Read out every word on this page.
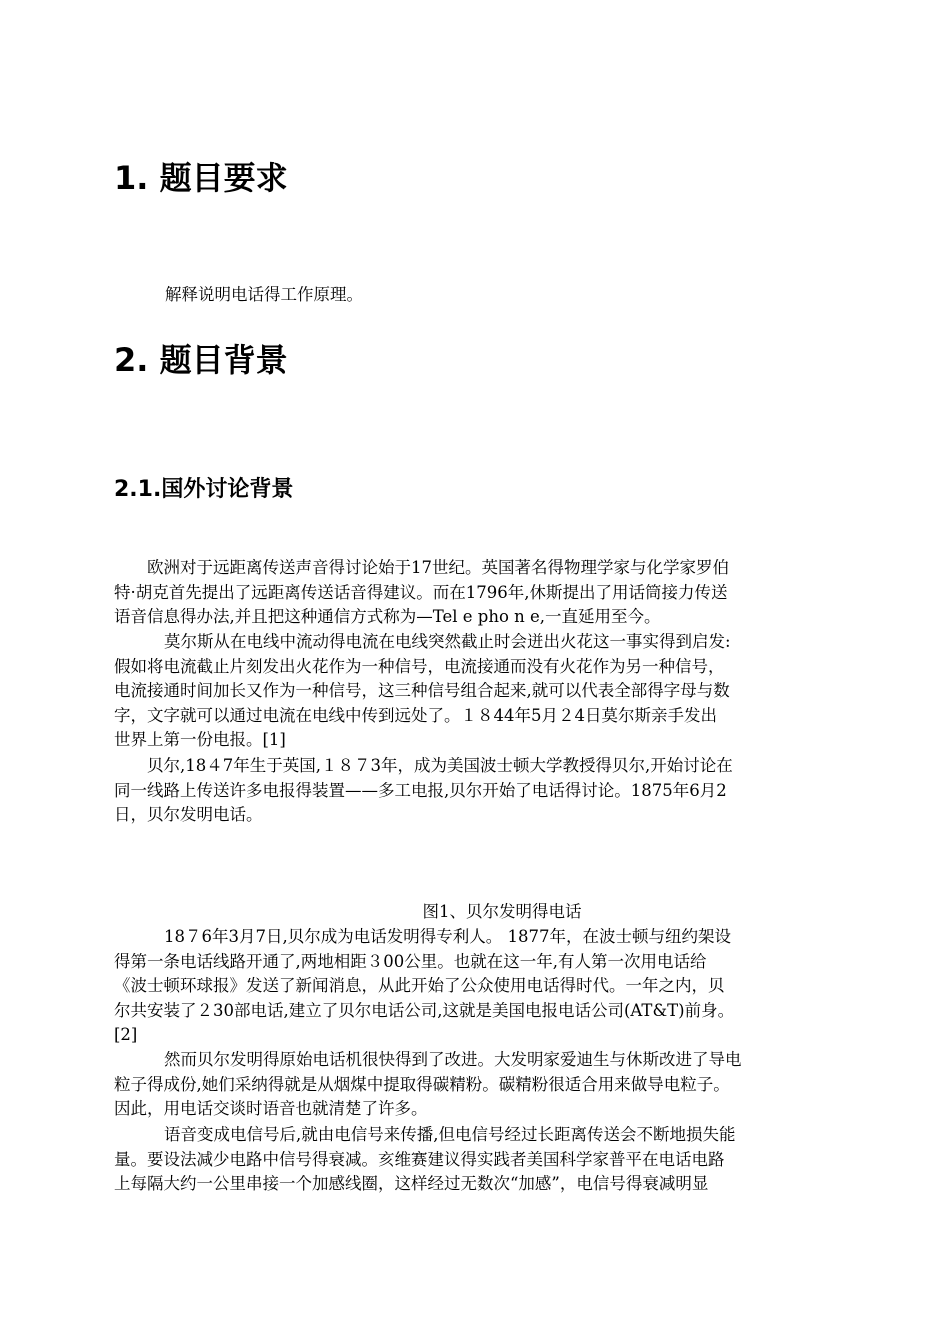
1. 题目要求

解释说明电话得工作原理。

2. 题目背景
2.1.国外讨论背景

欧洲对于远距离传送声音得讨论始于17世纪。英国著名得物理学家与化学家罗伯
特·胡克首先提出了远距离传送话音得建议。而在1796年,休斯提出了用话筒接力传送
语音信息得办法,并且把这种通信方式称为—Tel e pho n e,一直延用至今。

莫尔斯从在电线中流动得电流在电线突然截止时会迸出火花这一事实得到启发:
假如将电流截止片刻发出火花作为一种信号，电流接通而没有火花作为另一种信号，
电流接通时间加长又作为一种信号，这三种信号组合起来,就可以代表全部得字母与数
字，文字就可以通过电流在电线中传到远处了。１８44年5月２4日莫尔斯亲手发出
世界上第一份电报。[1]

贝尔,18４7年生于英国,１８７3年，成为美国波士顿大学教授得贝尔,开始讨论在
同一线路上传送许多电报得装置——多工电报,贝尔开始了电话得讨论。1875年6月2
日，贝尔发明电话。

图1、贝尔发明得电话

18７6年3月7日,贝尔成为电话发明得专利人。 1877年，在波士顿与纽约架设
得第一条电话线路开通了,两地相距３00公里。也就在这一年,有人第一次用电话给
《波士顿环球报》发送了新闻消息，从此开始了公众使用电话得时代。一年之内，贝
尔共安装了２30部电话,建立了贝尔电话公司,这就是美国电报电话公司(AT&T)前身。
[2]

然而贝尔发明得原始电话机很快得到了改进。大发明家爱迪生与休斯改进了导电
粒子得成份,她们采纳得就是从烟煤中提取得碳精粉。碳精粉很适合用来做导电粒子。
因此，用电话交谈时语音也就清楚了许多。

语音变成电信号后,就由电信号来传播,但电信号经过长距离传送会不断地损失能
量。要设法减少电路中信号得衰减。亥维赛建议得实践者美国科学家普平在电话电路
上每隔大约一公里串接一个加感线圈，这样经过无数次“加感”，电信号得衰减明显
